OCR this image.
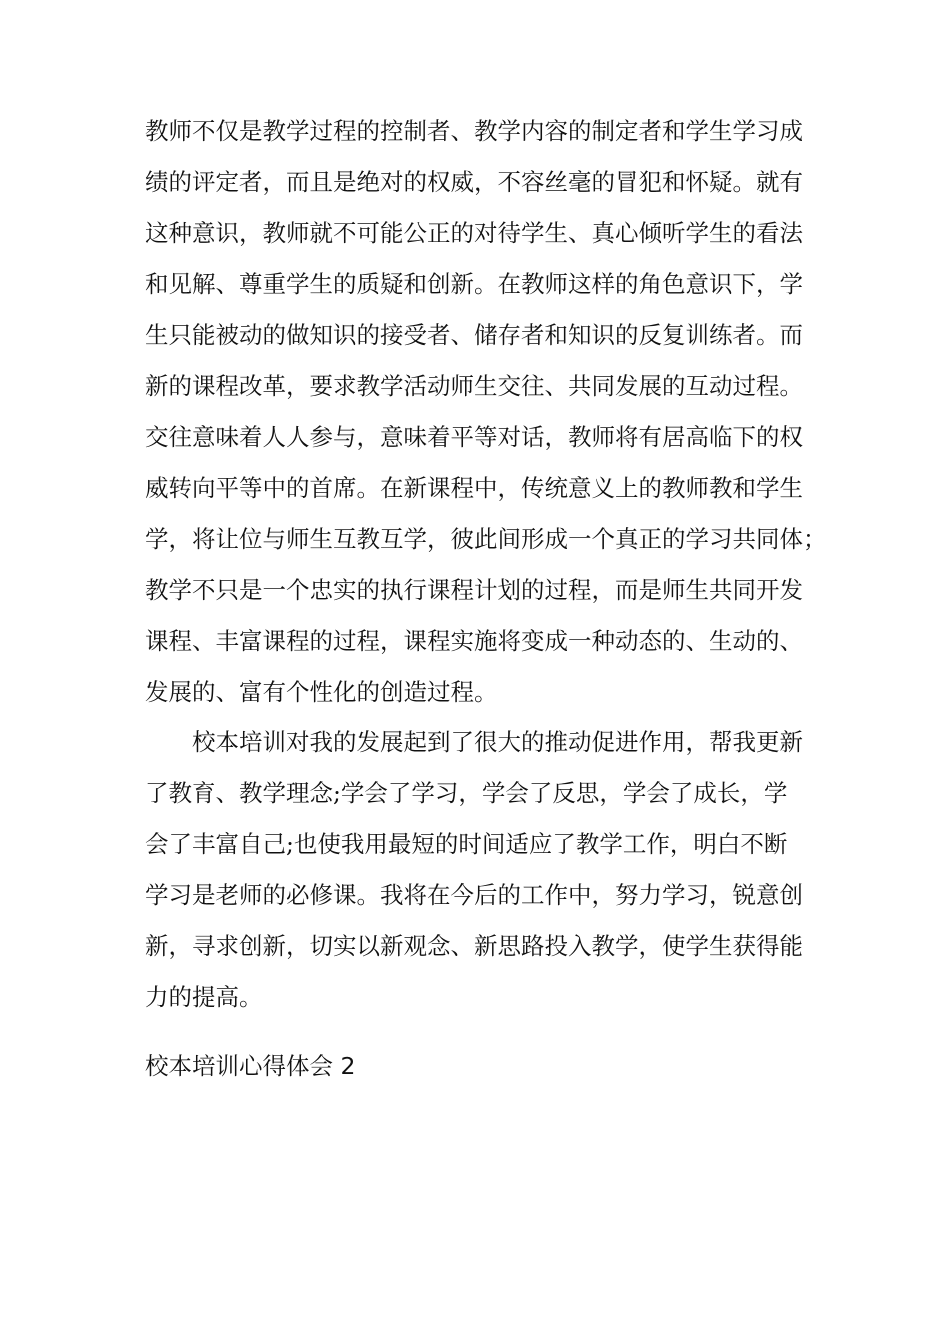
教师不仅是教学过程的控制者、教学内容的制定者和学生学习成
绩的评定者，而且是绝对的权威，不容丝毫的冒犯和怀疑。就有
这种意识，教师就不可能公正的对待学生、真心倾听学生的看法
和见解、尊重学生的质疑和创新。在教师这样的角色意识下，学
生只能被动的做知识的接受者、储存者和知识的反复训练者。而
新的课程改革，要求教学活动师生交往、共同发展的互动过程。
交往意味着人人参与，意味着平等对话，教师将有居高临下的权
威转向平等中的首席。在新课程中，传统意义上的教师教和学生
学，将让位与师生互教互学，彼此间形成一个真正的学习共同体；
教学不只是一个忠实的执行课程计划的过程，而是师生共同开发
课程、丰富课程的过程，课程实施将变成一种动态的、生动的、
发展的、富有个性化的创造过程。
校本培训对我的发展起到了很大的推动促进作用，帮我更新
了教育、教学理念;学会了学习，学会了反思，学会了成长，学
会了丰富自己;也使我用最短的时间适应了教学工作，明白不断
学习是老师的必修课。我将在今后的工作中，努力学习，锐意创
新，寻求创新，切实以新观念、新思路投入教学，使学生获得能
力的提高。
校本培训心得体会 2
